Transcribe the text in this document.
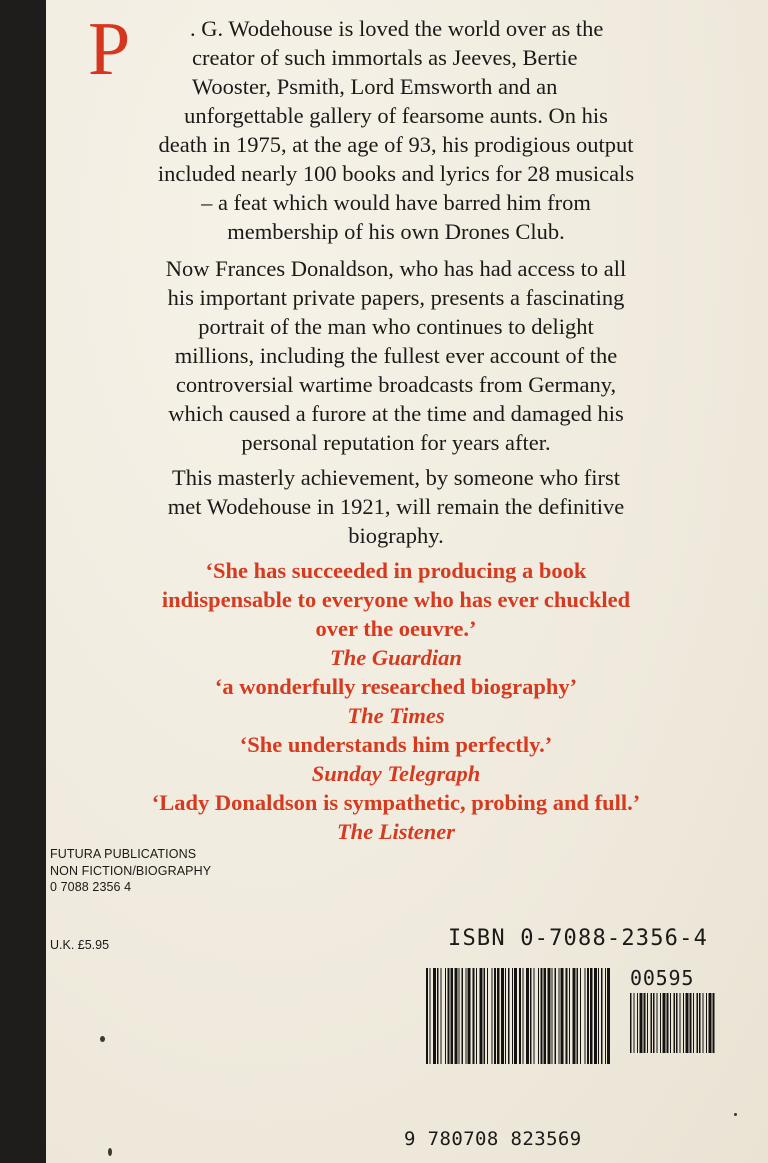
P	. G. Wodehouse is loved the world over as the
creator of such immortals as Jeeves, Bertie
Wooster, Psmith, Lord Emsworth and an
unforgettable gallery of fearsome aunts. On his
death in 1975, at the age of 93, his prodigious output
included nearly 100 books and lyrics for 28 musicals
– a feat which would have barred him from
membership of his own Drones Club.
Now Frances Donaldson, who has had access to all
his important private papers, presents a fascinating
portrait of the man who continues to delight
millions, including the fullest ever account of the
controversial wartime broadcasts from Germany,
which caused a furore at the time and damaged his
personal reputation for years after.
This masterly achievement, by someone who first
met Wodehouse in 1921, will remain the definitive
biography.
‘She has succeeded in producing a book
indispensable to everyone who has ever chuckled
over the oeuvre.’
The Guardian
‘a wonderfully researched biography’
The Times
‘She understands him perfectly.’
Sunday Telegraph
‘Lady Donaldson is sympathetic, probing and full.’
The Listener
FUTURA PUBLICATIONS
NON FICTION/BIOGRAPHY
0 7088 2356 4
U.K. £5.95	ISBN 0-7088-2356-4
00595
9 780708 823569
